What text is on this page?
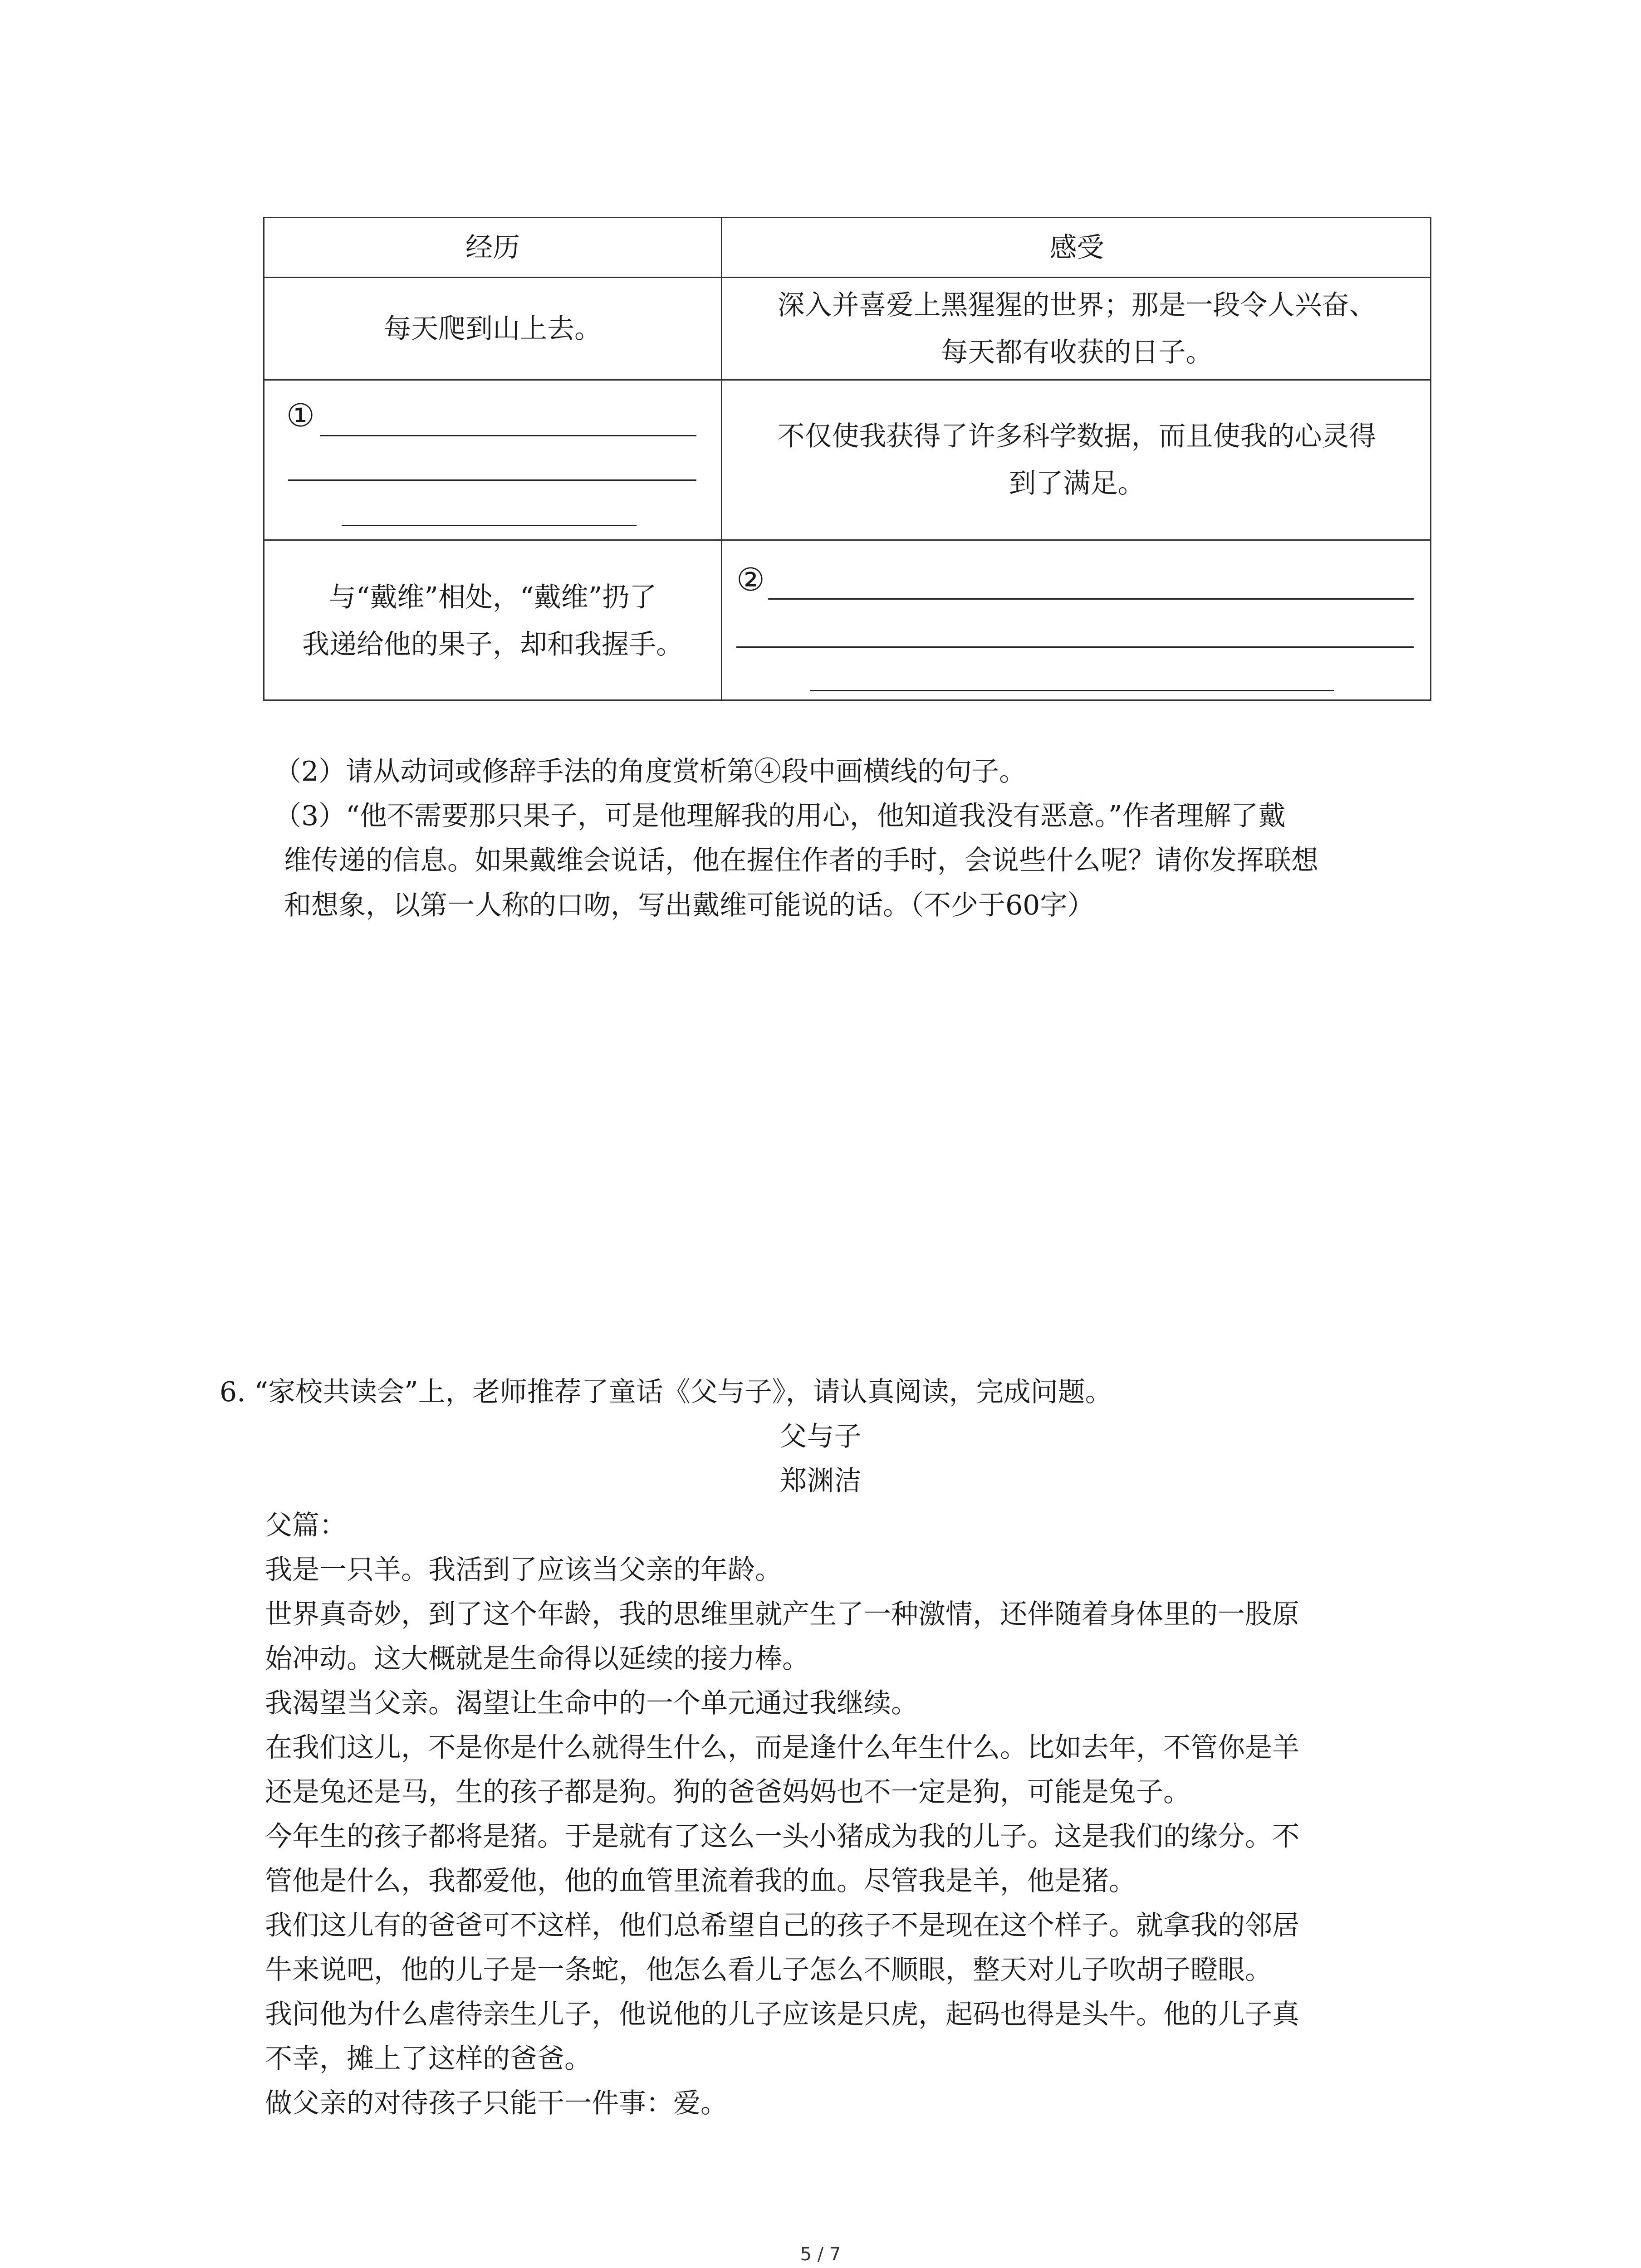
经历	感受
每天爬到山上去。
深入并喜爱上黑猩猩的世界；那是一段令人兴奋、
每天都有收获的日子。
①
不仅使我获得了许多科学数据，而且使我的心灵得
到了满足。
与“戴维”相处，“戴维”扔了
我递给他的果子，却和我握手。
②
（2）请从动词或修辞手法的角度赏析第④段中画横线的句子。
（3）“他不需要那只果子，可是他理解我的用心，他知道我没有恶意。”作者理解了戴
维传递的信息。如果戴维会说话，他在握住作者的手时，会说些什么呢？请你发挥联想
和想象，以第一人称的口吻，写出戴维可能说的话。（不少于60字）
6. “家校共读会”上，老师推荐了童话《父与子》，请认真阅读，完成问题。
父与子
郑渊洁
父篇：
我是一只羊。我活到了应该当父亲的年龄。
世界真奇妙，到了这个年龄，我的思维里就产生了一种激情，还伴随着身体里的一股原
始冲动。这大概就是生命得以延续的接力棒。
我渴望当父亲。渴望让生命中的一个单元通过我继续。
在我们这儿，不是你是什么就得生什么，而是逢什么年生什么。比如去年，不管你是羊
还是兔还是马，生的孩子都是狗。狗的爸爸妈妈也不一定是狗，可能是兔子。
今年生的孩子都将是猪。于是就有了这么一头小猪成为我的儿子。这是我们的缘分。不
管他是什么，我都爱他，他的血管里流着我的血。尽管我是羊，他是猪。
我们这儿有的爸爸可不这样，他们总希望自己的孩子不是现在这个样子。就拿我的邻居
牛来说吧，他的儿子是一条蛇，他怎么看儿子怎么不顺眼，整天对儿子吹胡子瞪眼。
我问他为什么虐待亲生儿子，他说他的儿子应该是只虎，起码也得是头牛。他的儿子真
不幸，摊上了这样的爸爸。
做父亲的对待孩子只能干一件事：爱。
5 / 7
